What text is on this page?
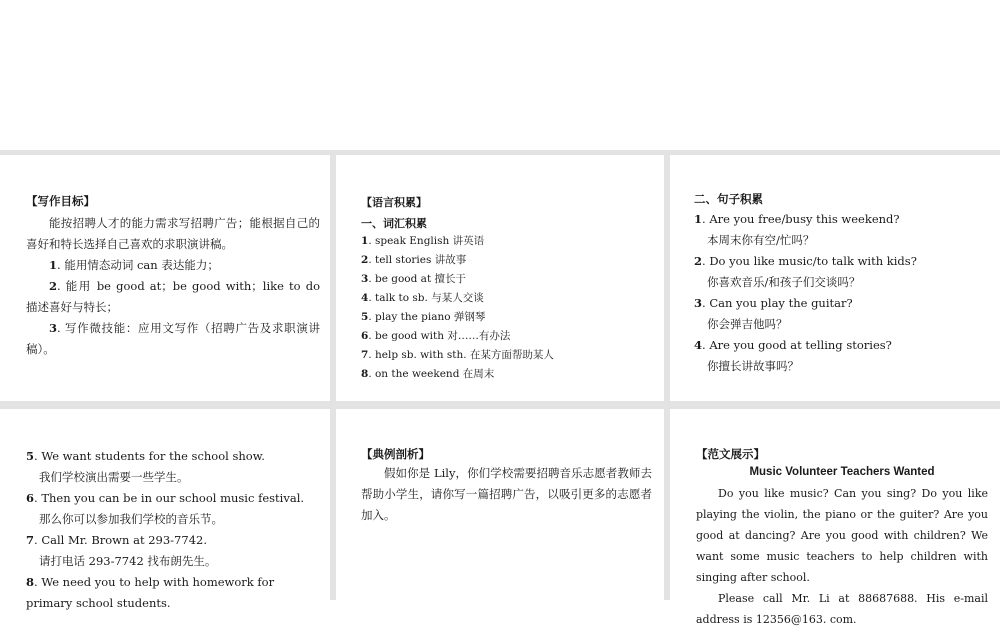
【写作目标】

能按招聘人才的能力需求写招聘广告；能根据自己的喜好和特长选择自己喜欢的求职演讲稿。

1. 能用情态动词 can 表达能力；

2. 能用 be good at；be good with；like to do 描述喜好与特长；

3. 写作微技能：应用文写作（招聘广告及求职演讲稿）。

【语言积累】

一、词汇积累

1. speak English 讲英语
2. tell stories 讲故事
3. be good at 擅长于
4. talk to sb. 与某人交谈
5. play the piano 弹钢琴
6. be good with 对……有办法
7. help sb. with sth. 在某方面帮助某人
8. on the weekend 在周末

二、句子积累

1. Are you free/busy this weekend?

本周末你有空/忙吗？

2. Do you like music/to talk with kids?

你喜欢音乐/和孩子们交谈吗？

3. Can you play the guitar?

你会弹吉他吗？

4. Are you good at telling stories?

你擅长讲故事吗？

5. We want students for the school show.

我们学校演出需要一些学生。

6. Then you can be in our school music festival.

那么你可以参加我们学校的音乐节。

7. Call Mr. Brown at 293-7742.

请打电话 293-7742 找布朗先生。

8. We need you to help with homework for primary school students.

【典例剖析】

假如你是 Lily，你们学校需要招聘音乐志愿者教师去帮助小学生，请你写一篇招聘广告，以吸引更多的志愿者加入。

【范文展示】

Music Volunteer Teachers Wanted

Do you like music? Can you sing? Do you like playing the violin, the piano or the guiter? Are you good at dancing? Are you good with children? We want some music teachers to help children with singing after school.

Please call Mr. Li at 88687688. His e-mail address is 12356@163. com.
